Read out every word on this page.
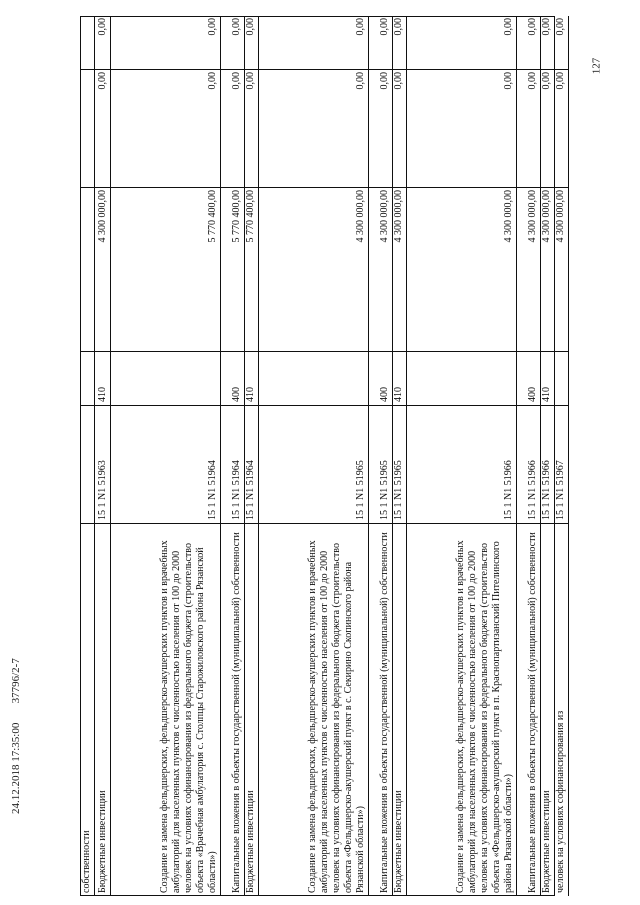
127
собственности Бюджетные инвестиции
15 1 N1 51963
410
4 300 000,00
0,00
0,00
Создание и замена фельдшерских, фельдшерско-акушерских пунктов и врачебных амбулаторий для населенных пунктов с численностью населения от 100 до 2000 человек на условиях софинансирования из федерального бюджета (строительство объекта «Врачебная амбулатория с. Столпцы Старожиловского района Рязанской области»)
15 1 N1 51964
5 770 400,00
0,00
0,00
Капитальные вложения в объекты государственной (муниципальной) собственности
15 1 N1 51964
400
5 770 400,00
0,00
0,00
Бюджетные инвестиции
15 1 N1 51964
410
5 770 400,00
0,00
0,00
Создание и замена фельдшерских, фельдшерско-акушерских пунктов и врачебных амбулаторий для населенных пунктов с численностью населения от 100 до 2000 человек на условиях софинансирования из федерального бюджета (строительство объекта «Фельдшерско-акушерский пункт в с. Секирино Скопинского района Рязанской области»)
15 1 N1 51965
4 300 000,00
0,00
0,00
Капитальные вложения в объекты государственной (муниципальной) собственности
15 1 N1 51965
400
4 300 000,00
0,00
0,00
Бюджетные инвестиции
15 1 N1 51965
410
4 300 000,00
0,00
0,00
Создание и замена фельдшерских, фельдшерско-акушерских пунктов и врачебных амбулаторий для населенных пунктов с численностью населения от 100 до 2000 человек на условиях софинансирования из федерального бюджета (строительство объекта «Фельдшерско-акушерский пункт в п. Краснопартизанский Пителинского района Рязанской области»)
15 1 N1 51966
4 300 000,00
0,00
0,00
Капитальные вложения в объекты государственной (муниципальной) собственности
15 1 N1 51966
400
4 300 000,00
0,00
0,00
Бюджетные инвестиции
15 1 N1 51966
410
4 300 000,00
0,00
0,00
человек на условиях софинансирования из
15 1 N1 51967
4 300 000,00
0,00
0,00
24.12.2018 17:35:00       37796/2-7
